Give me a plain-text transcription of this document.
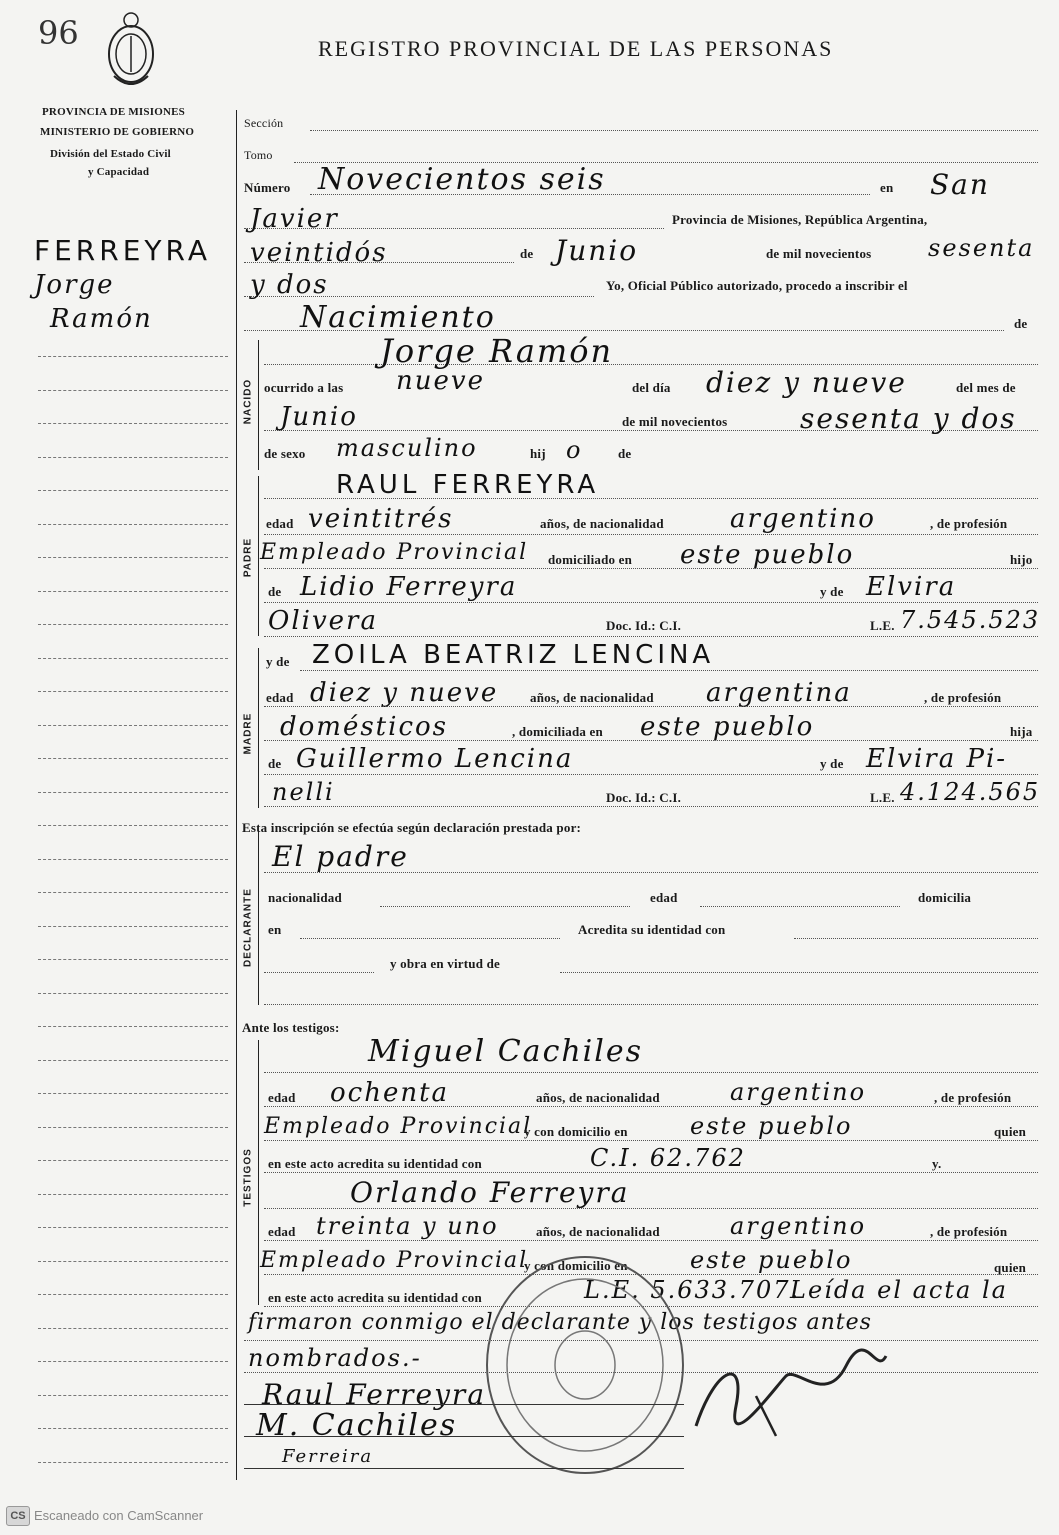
96	REGISTRO PROVINCIAL DE LAS PERSONAS
PROVINCIA DE MISIONES
MINISTERIO DE GOBIERNO
División del Estado Civil
y Capacidad
FERREYRA
Jorge
Ramón
NACIDO
PADRE
MADRE
DECLARANTE
TESTIGOS
Sección
Tomo
Número Novecientos seis	en San
Javier	Provincia de Misiones, República Argentina,
veintidós	de Junio	de mil novecientos sesenta
y dos	Yo, Oficial Público autorizado, procedo a inscribir el
Nacimiento	de
Jorge Ramón
ocurrido a las nueve	del día diez y nueve	del mes de
Junio	de mil novecientos	sesenta y dos
de sexo masculino	hij o	de
RAUL FERREYRA
edad veintitrés	años, de nacionalidad	argentino	, de profesión
Empleado Provincial domiciliado en este pueblo	hijo
de Lidio Ferreyra	y de Elvira
Olivera	Doc. Id.: C.I.	L.E. 7.545.523
y de ZOILA BEATRIZ LENCINA
edad diez y nueve años, de nacionalidad argentina	, de profesión
domésticos	, domiciliada en este pueblo	hija
de Guillermo Lencina	y de Elvira Pi-
nelli	Doc. Id.: C.I.	L.E. 4.124.565
Esta inscripción se efectúa según declaración prestada por:
El padre
nacionalidad	edad	domicilia
en	Acredita su identidad con
y obra en virtud de
Ante los testigos:
Miguel Cachiles
edad ochenta	años, de nacionalidad	argentino	, de profesión
Empleado Provincial
y con domicilio en	este pueblo	quien
en este acto acredita su identidad con	C.I. 62.762	y.
Orlando Ferreyra
edad treinta y uno	años, de nacionalidad	argentino	, de profesión
Empleado Provincial
y con domicilio en	este pueblo	quien
en este acto acredita su identidad con	L.E. 5.633.707.
Leída el acta la
firmaron conmigo el declarante y los testigos antes
nombrados.-
Raul Ferreyra
M. Cachiles
Ferreira
CS Escaneado con CamScanner
